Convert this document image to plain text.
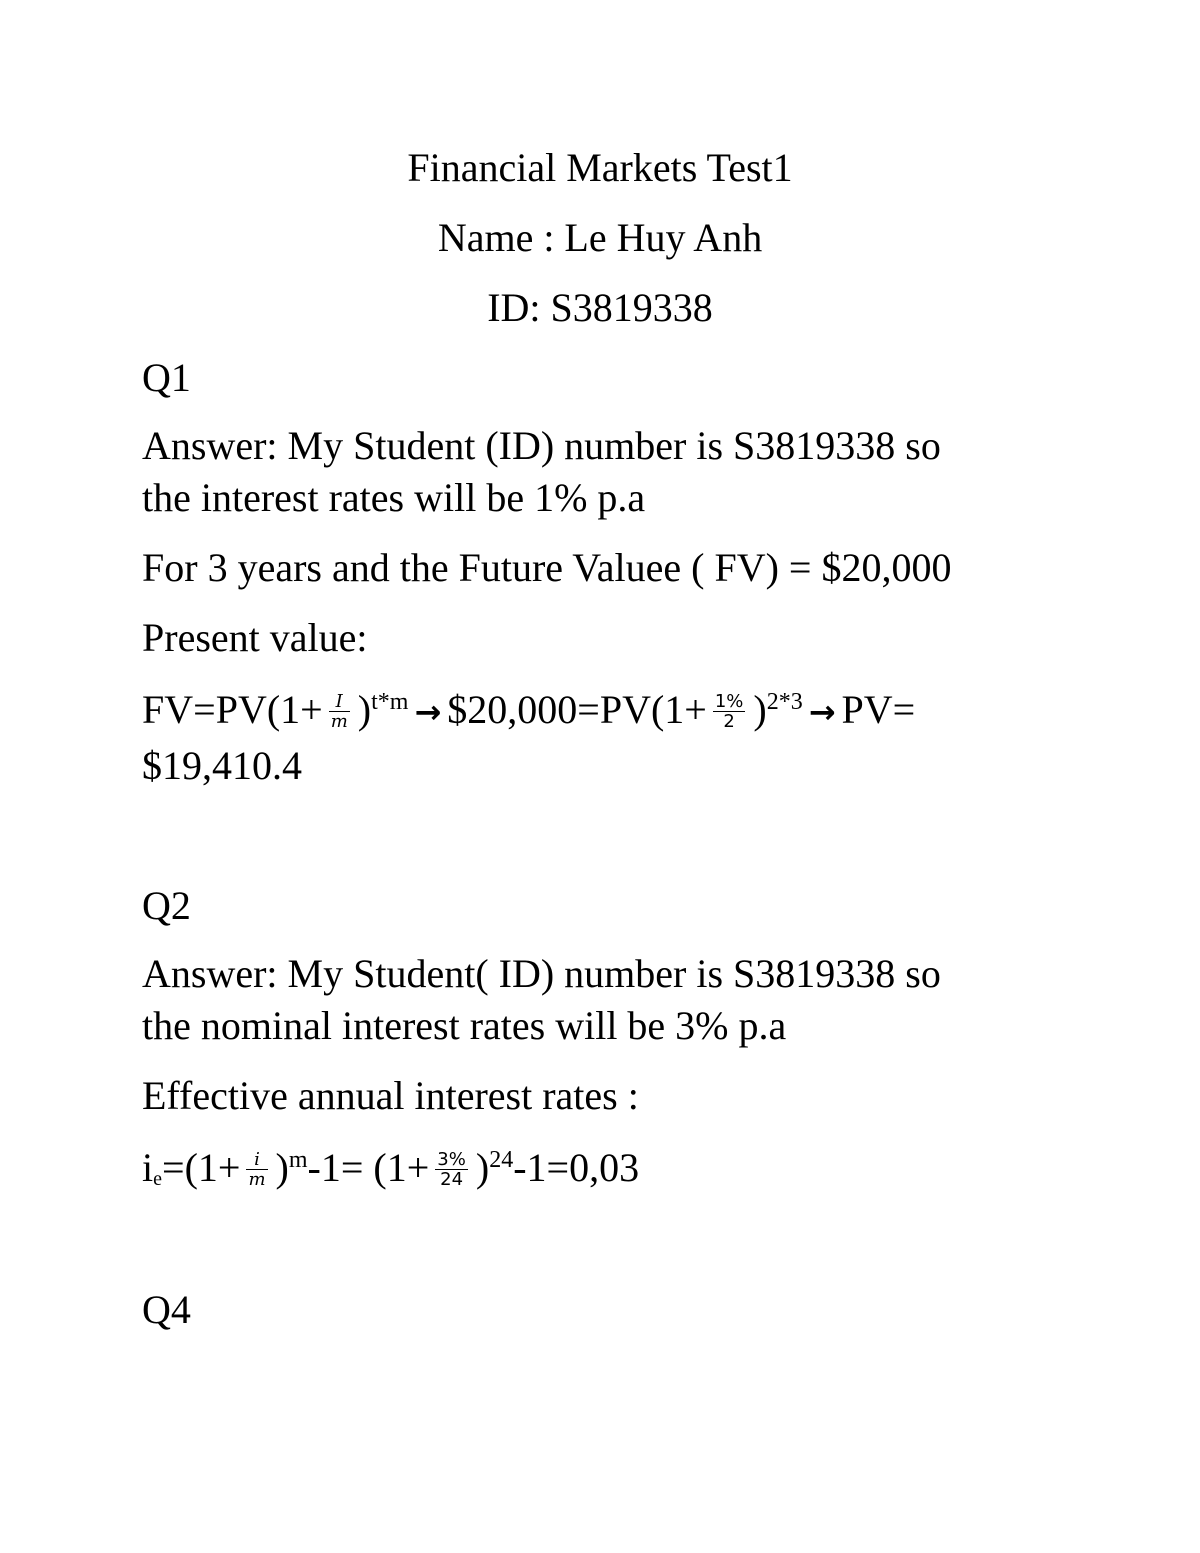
Financial Markets Test1
Name : Le Huy Anh
ID: S3819338
Q1
Answer: My Student (ID) number is S3819338 so
the interest rates will be 1% p.a
For 3 years and the Future Valuee ( FV) = $20,000
Present value:
$FV=PV(1+ \frac{I}{m} )^{t*m}$ → $20,000=PV(1+ $\frac{1\%}{2} )^{2*3} \to PV=$
$19,410.4
Q2
Answer: My Student( ID) number is S3819338 so
the nominal interest rates will be 3% p.a
Effective annual interest rates :
$i_e=(1+ \frac{i}{m} )^m-1= (1+ \frac{3\%}{24} )^{24}-1=0,03$
Q4
